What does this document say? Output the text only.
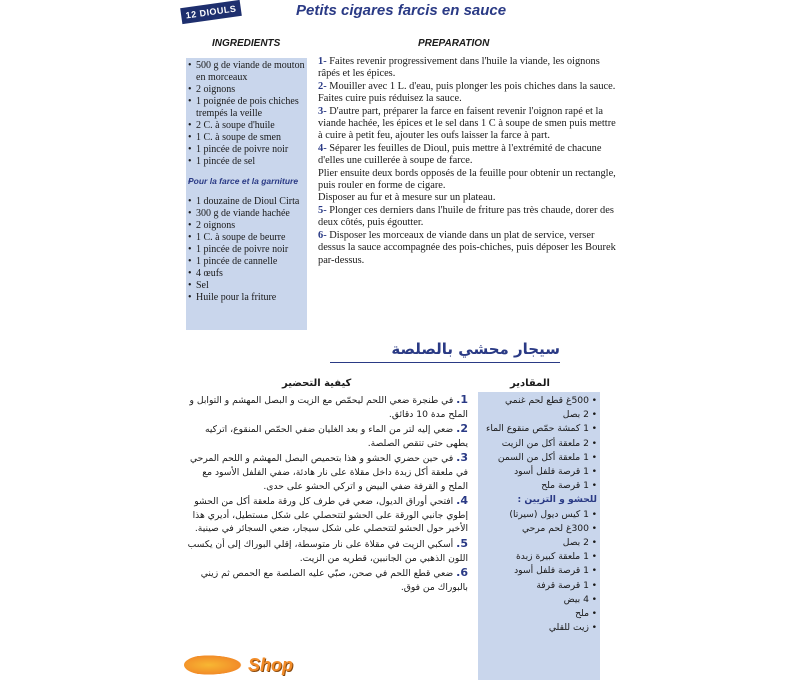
12 DIOULS CIRTA
Petits cigares farcis en sauce
INGREDIENTS	PREPARATION
• 500 g de viande de mouton en morceaux
• 2 oignons
• 1 poignée de pois chiches trempés la veille
• 2 C. à soupe d'huile
• 1 C. à soupe de smen
• 1 pincée de poivre noir
• 1 pincée de sel
• Pour la farce et la garniture
• 1 douzaine de Dioul Cirta
• 300 g de viande hachée
• 2 oignons
• 1 C. à soupe de beurre
• 1 pincée de poivre noir
• 1 pincée de cannelle
• 4 œufs
• Sel
• Huile pour la friture

1- Faites revenir progressivement dans l'huile la viande, les oignons râpés et les épices.

2- Mouiller avec 1 L. d'eau, puis plonger les pois chiches dans la sauce.

Faites cuire puis réduisez la sauce.

3- D'autre part, préparer la farce en faisent revenir l'oignon rapé et la viande hachée, les épices et le sel dans 1 C à soupe de smen puis mettre à cuire à petit feu, ajouter les oufs laisser la farce à part.

4- Séparer les feuilles de Dioul, puis mettre à l'extrémité de chacune d'elles une cuillerée à soupe de farce.

Plier ensuite deux bords opposés de la feuille pour obtenir un rectangle, puis rouler en forme de cigare.

Disposer au fur et à mesure sur un plateau.

5- Plonger ces derniers dans l'huile de friture pas très chaude, dorer des deux côtés, puis égoutter.

6- Disposer les morceaux de viande dans un plat de service, verser dessus la sauce accompagnée des pois-chiches, puis déposer les Bourek par-dessus.

سيجار محشي بالصلصة
كيفية التحضير	المقادير

1. في طنجرة ضعي اللحم ليحمّص مع الزيت و البصل المهشم و التوابل و الملح مدة 10 دقائق.

2. ضعي إليه لتر من الماء و بعد الغليان ضفي الحمّص المنقوع، اتركيه يطهى حتى تتقص الصلصة.

3. في حين حضري الحشو و هذا بتحميص البصل المهشم و اللحم المرحي في ملعقة أكل زبدة داخل مقلاة على نار هادئة، ضفي الفلفل الأسود مع الملح و القرفة ضفي البيض و اتركي الحشو على حدى.

4. افتحي أوراق الديول، ضعي في طرف كل ورقة ملعقة أكل من الحشو إطوي جانبي الورقة على الحشو لتتحصلي على شكل مستطيل، أديري هذا الأخير حول الحشو لتتحصلي على شكل سيجار، ضعي السجائر في صينية.

5. أسكبي الزيت في مقلاة على نار متوسطة، إقلي البوراك إلى أن يكسب اللون الذهبي من الجانبين، قطريه من الزيت.

6. ضعي قطع اللحم في صحن، صبّي عليه الصلصة مع الحمص ثم زيني بالبوراك من فوق.

• 500غ قطع لحم غنمي
• 2 بصل
• 1 كمشة حمّص منقوع الماء
• 2 ملعقة أكل من الزيت
• 1 ملعقة أكل من السمن
• 1 قرصة فلفل أسود
• 1 قرصة ملح
للحشو و التزيين :
• 1 كيس ديول (سيرتا)
• 300غ لحم مرحي
• 2 بصل
• 1 ملعقة كبيرة زبدة
• 1 قرصة فلفل أسود
• 1 قرصة قرفة
• 4 بيض
• ملح
• زيت للقلي
Shop
